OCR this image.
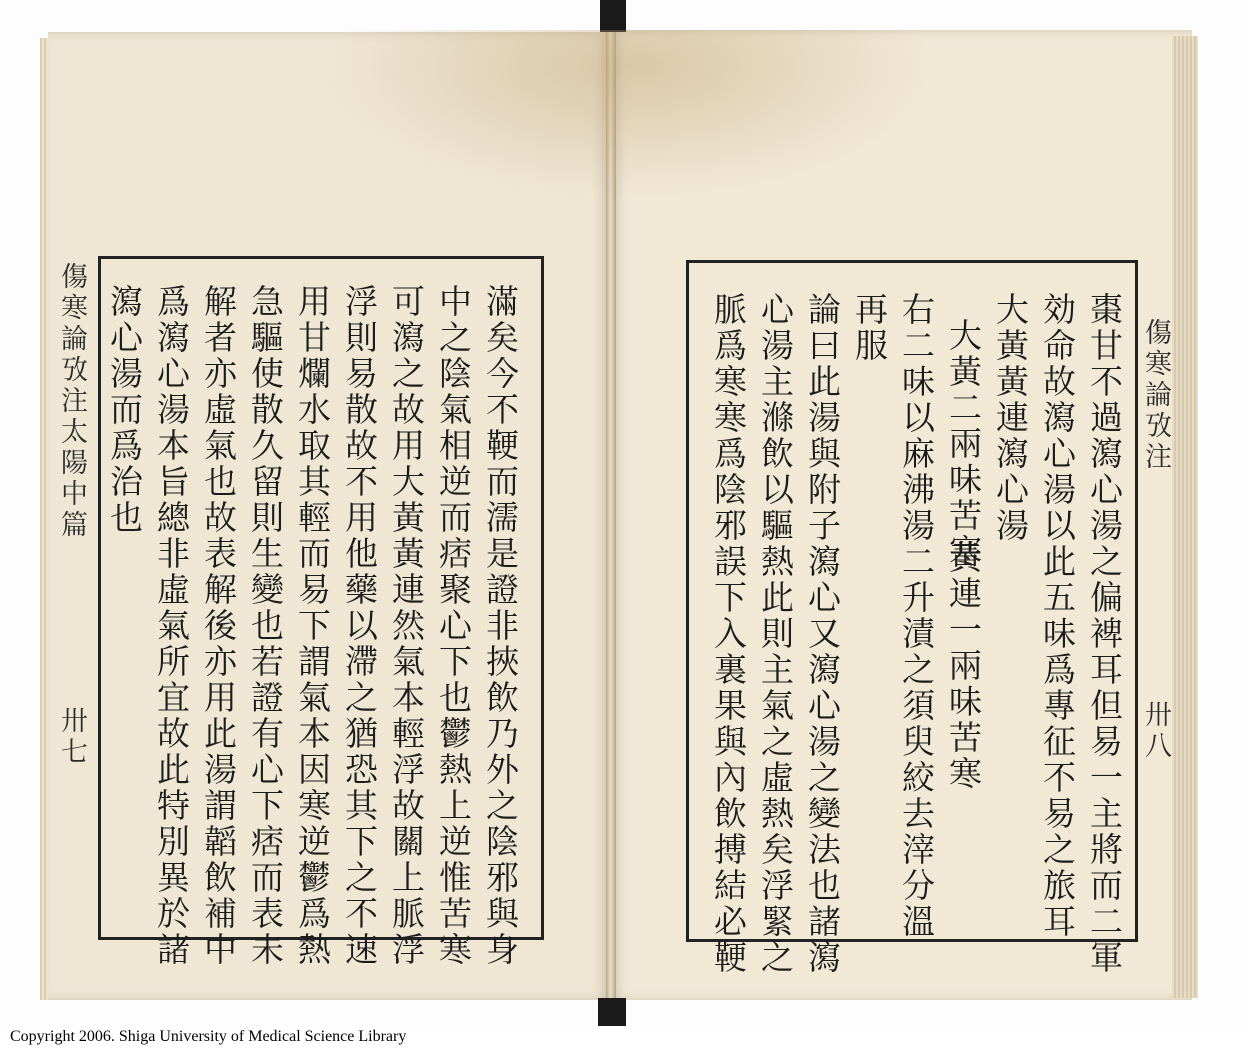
傷寒論攷注太陽中篇
卅七	滿矣今不鞕而濡是證非挾飲乃外之陰邪與身
中之陰氣相逆而痞聚心下也鬱熱上逆惟苦寒
可瀉之故用大黃黃連然氣本輕浮故關上脈浮
浮則易散故不用他藥以滯之猶恐其下之不速
用甘爛水取其輕而易下謂氣本因寒逆鬱爲熱
急驅使散久留則生變也若證有心下痞而表未
解者亦虛氣也故表解後亦用此湯謂韜飲補中
爲瀉心湯本旨總非虛氣所宜故此特別異於諸
瀉心湯而爲治也	傷寒論攷注
卅八
棗甘不過瀉心湯之偏裨耳但易一主將而二軍
効命故瀉心湯以此五味爲專征不易之旅耳
大黃黃連瀉心湯
大黃二兩味苦寒
黃連一兩味苦寒
右二味以麻沸湯二升漬之須臾絞去滓分溫
再服
論曰此湯與附子瀉心又瀉心湯之變法也諸瀉
心湯主滌飲以驅熱此則主氣之虛熱矣浮緊之
脈爲寒寒爲陰邪誤下入裏果與內飲搏結必鞕
Copyright 2006. Shiga University of Medical Science Library
